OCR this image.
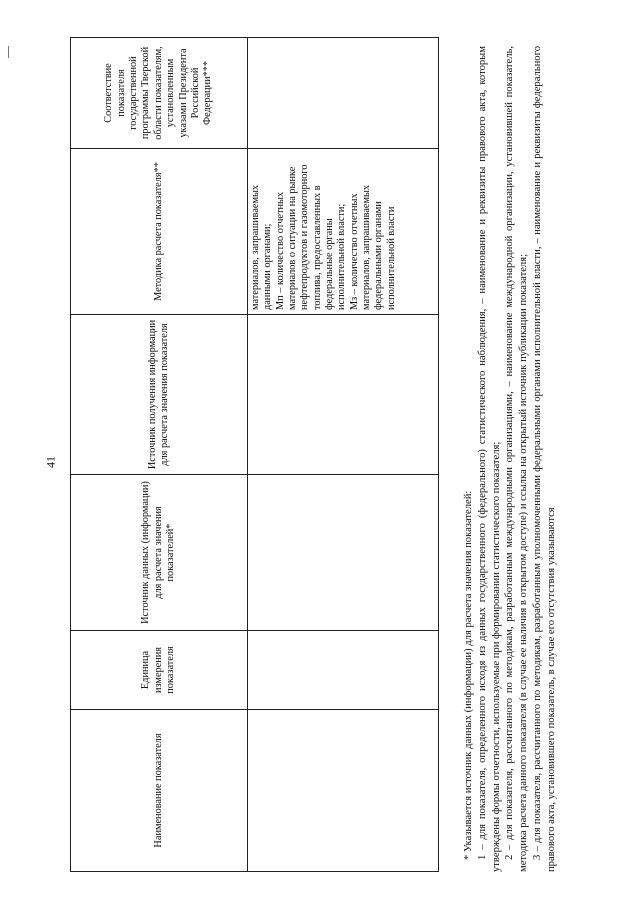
41
Наименование показателя	Единица измерения показателя	Источник данных (информации) для расчета значения показателей*	Источник получения информации для расчета значения показателя	Методика расчета показателя**	Соответствие показателя государственной программы Тверской области показателям, установленным указами Президента Российской Федерации***

				материалов, запрашиваемых данными органами; Мп – количество отчетных материалов о ситуации на рынке нефтепродуктов и газомоторного топлива, предоставленных в федеральные органы исполнительной власти; Мз – количество отчетных материалов, запрашиваемых федеральными органами исполнительной власти	

* Указывается источник данных (информации) для расчета значения показателей: 1 – для показателя, определенного исходя из данных государственного (федерального) статистического наблюдения, – наименование и реквизиты правового акта, которым утверждены формы отчетности, используемые при формировании статистического показателя; 2 – для показателя, рассчитанного по методикам, разработанным международными организациями, – наименование международной организации, установившей показатель, методика расчета данного показателя (в случае ее наличия в открытом доступе) и ссылка на открытый источник публикации показателя; 3 – для показателя, рассчитанного по методикам, разработанным уполномоченными федеральными органами исполнительной власти, – наименование и реквизиты федерального правового акта, установившего показатель, в случае его отсутствия указываются
